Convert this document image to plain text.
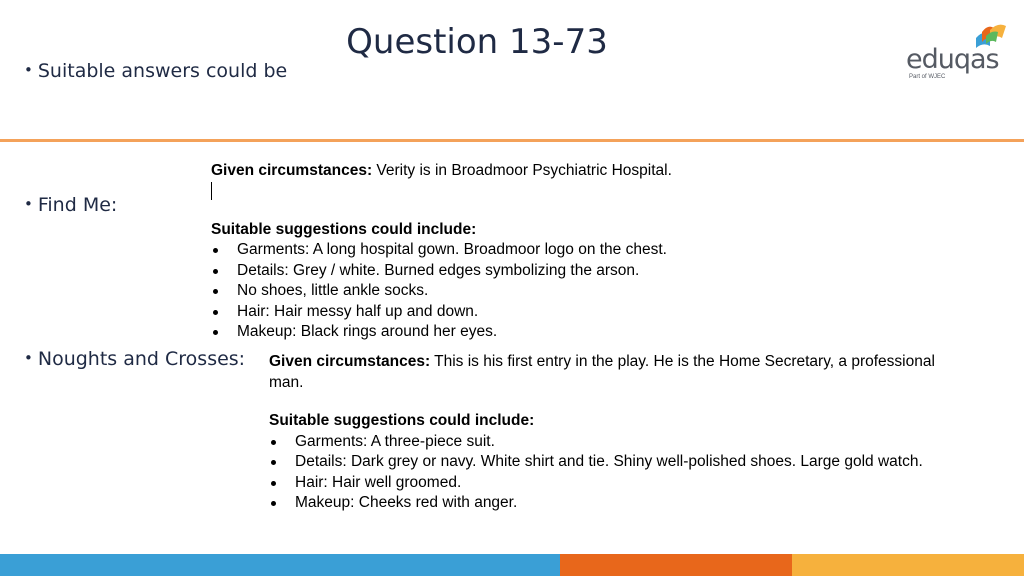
Question 13-73
• Suitable answers could be	eduqas
Part of WJEC
• Find Me:
Given circumstances: Verity is in Broadmoor Psychiatric Hospital.
Suitable suggestions could include:
Garments: A long hospital gown. Broadmoor logo on the chest.
Details: Grey / white. Burned edges symbolizing the arson.
No shoes, little ankle socks.
Hair: Hair messy half up and down.
Makeup: Black rings around her eyes.
• Noughts and Crosses: Given circumstances: This is his first entry in the play. He is the Home Secretary, a professional
man.
Suitable suggestions could include:
Garments: A three-piece suit.
Details: Dark grey or navy. White shirt and tie. Shiny well-polished shoes. Large gold watch.
Hair: Hair well groomed.
Makeup: Cheeks red with anger.
